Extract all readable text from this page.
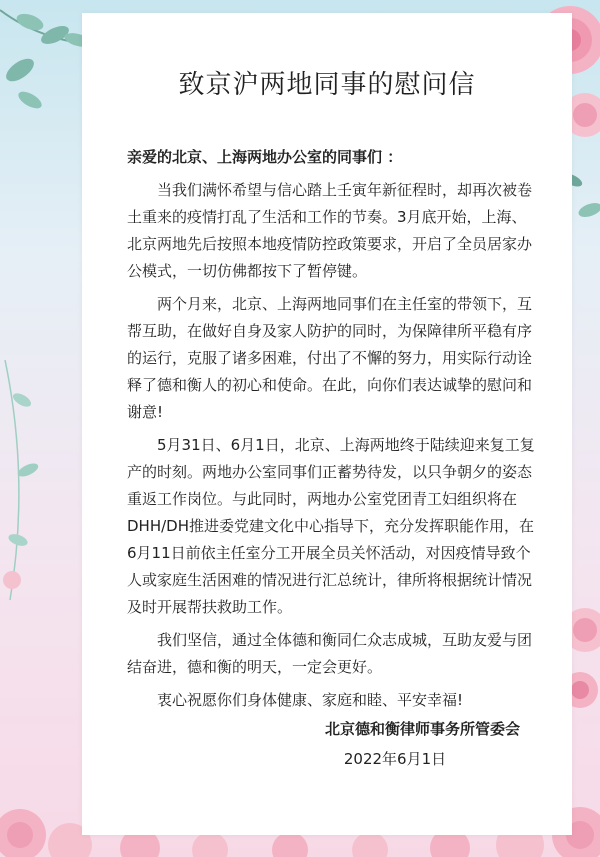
致京沪两地同事的慰问信

亲爱的北京、上海两地办公室的同事们 ：

当我们满怀希望与信心踏上壬寅年新征程时，却再次被卷土重来的疫情打乱了生活和工作的节奏。3月底开始，上海、北京两地先后按照本地疫情防控政策要求，开启了全员居家办公模式，一切仿佛都按下了暂停键。

两个月来，北京、上海两地同事们在主任室的带领下，互帮互助，在做好自身及家人防护的同时，为保障律所平稳有序的运行，克服了诸多困难，付出了不懈的努力，用实际行动诠释了德和衡人的初心和使命。在此，向你们表达诚挚的慰问和谢意!

5月31日、6月1日，北京、上海两地终于陆续迎来复工复产的时刻。两地办公室同事们正蓄势待发，以只争朝夕的姿态重返工作岗位。与此同时，两地办公室党团青工妇组织将在DHH/DH推进委党建文化中心指导下，充分发挥职能作用，在6月11日前依主任室分工开展全员关怀活动，对因疫情导致个人或家庭生活困难的情况进行汇总统计，律所将根据统计情况及时开展帮扶救助工作。

我们坚信，通过全体德和衡同仁众志成城，互助友爱与团结奋进，德和衡的明天，一定会更好。

衷心祝愿你们身体健康、家庭和睦、平安幸福!

北京德和衡律师事务所管委会
2022年6月1日
